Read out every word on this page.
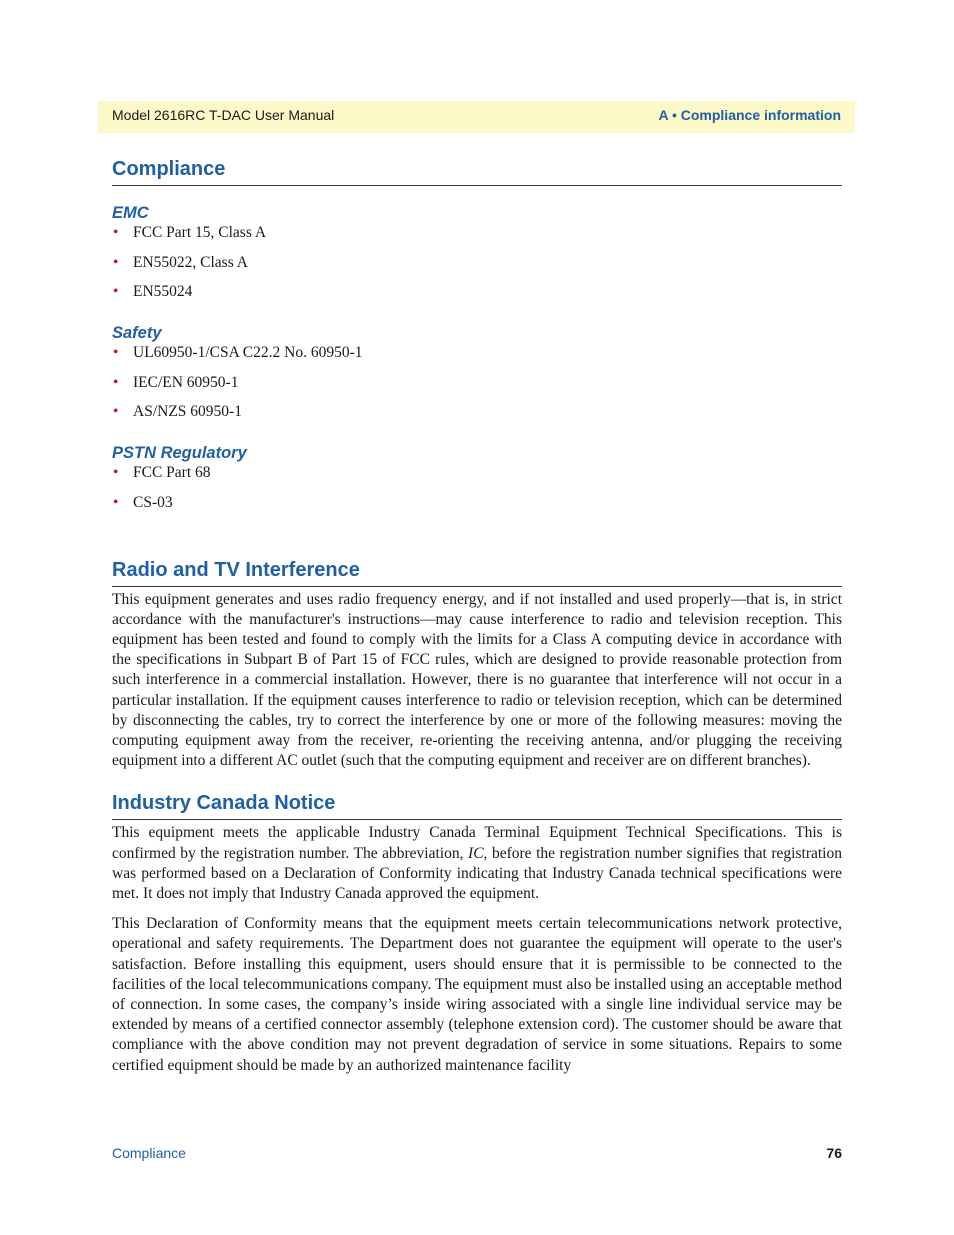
Model 2616RC T-DAC User Manual	A • Compliance information
Compliance
EMC
• FCC Part 15, Class A
• EN55022, Class A
• EN55024
Safety
• UL60950-1/CSA C22.2 No. 60950-1
• IEC/EN 60950-1
• AS/NZS 60950-1
PSTN Regulatory
• FCC Part 68
• CS-03
Radio and TV Interference

This equipment generates and uses radio frequency energy, and if not installed and used properly—that is, in strict accordance with the manufacturer's instructions—may cause interference to radio and television reception. This equipment has been tested and found to comply with the limits for a Class A computing device in accordance with the specifications in Subpart B of Part 15 of FCC rules, which are designed to provide reasonable protection from such interference in a commercial installation. However, there is no guarantee that interference will not occur in a particular installation. If the equipment causes interference to radio or television reception, which can be determined by disconnecting the cables, try to correct the interference by one or more of the following measures: moving the computing equipment away from the receiver, re-orienting the receiving antenna, and/or plugging the receiving equipment into a different AC outlet (such that the computing equipment and receiver are on different branches).

Industry Canada Notice

This equipment meets the applicable Industry Canada Terminal Equipment Technical Specifications. This is confirmed by the registration number. The abbreviation, IC, before the registration number signifies that registration was performed based on a Declaration of Conformity indicating that Industry Canada technical specifications were met. It does not imply that Industry Canada approved the equipment.

This Declaration of Conformity means that the equipment meets certain telecommunications network protective, operational and safety requirements. The Department does not guarantee the equipment will operate to the user's satisfaction. Before installing this equipment, users should ensure that it is permissible to be connected to the facilities of the local telecommunications company. The equipment must also be installed using an acceptable method of connection. In some cases, the company’s inside wiring associated with a single line individual service may be extended by means of a certified connector assembly (telephone extension cord). The customer should be aware that compliance with the above condition may not prevent degradation of service in some situations. Repairs to some certified equipment should be made by an authorized maintenance facility

Compliance	76
